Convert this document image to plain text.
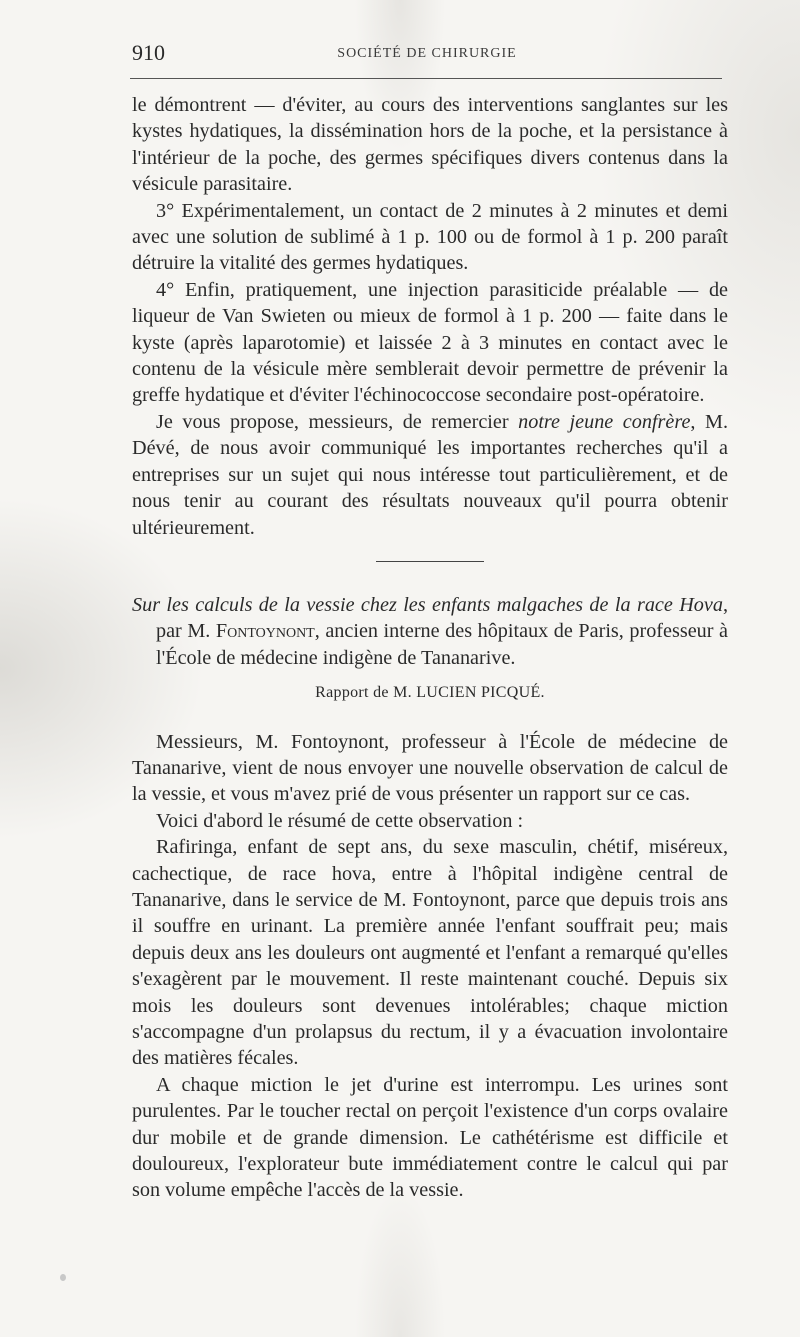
910	SOCIÉTÉ DE CHIRURGIE

le démontrent — d'éviter, au cours des interventions sanglantes sur les kystes hydatiques, la dissémination hors de la poche, et la persistance à l'intérieur de la poche, des germes spécifiques divers contenus dans la vésicule parasitaire.

3° Expérimentalement, un contact de 2 minutes à 2 minutes et demi avec une solution de sublimé à 1 p. 100 ou de formol à 1 p. 200 paraît détruire la vitalité des germes hydatiques.

4° Enfin, pratiquement, une injection parasiticide préalable — de liqueur de Van Swieten ou mieux de formol à 1 p. 200 — faite dans le kyste (après laparotomie) et laissée 2 à 3 minutes en contact avec le contenu de la vésicule mère semblerait devoir permettre de prévenir la greffe hydatique et d'éviter l'échinococcose secondaire post-opératoire.

Je vous propose, messieurs, de remercier notre jeune confrère, M. Dévé, de nous avoir communiqué les importantes recherches qu'il a entreprises sur un sujet qui nous intéresse tout particulièrement, et de nous tenir au courant des résultats nouveaux qu'il pourra obtenir ultérieurement.

Sur les calculs de la vessie chez les enfants malgaches de la race Hova, par M. Fontoynont, ancien interne des hôpitaux de Paris, professeur à l'École de médecine indigène de Tananarive.

Rapport de M. LUCIEN PICQUÉ.

Messieurs, M. Fontoynont, professeur à l'École de médecine de Tananarive, vient de nous envoyer une nouvelle observation de calcul de la vessie, et vous m'avez prié de vous présenter un rapport sur ce cas.

Voici d'abord le résumé de cette observation :

Rafiringa, enfant de sept ans, du sexe masculin, chétif, miséreux, cachectique, de race hova, entre à l'hôpital indigène central de Tananarive, dans le service de M. Fontoynont, parce que depuis trois ans il souffre en urinant. La première année l'enfant souffrait peu; mais depuis deux ans les douleurs ont augmenté et l'enfant a remarqué qu'elles s'exagèrent par le mouvement. Il reste maintenant couché. Depuis six mois les douleurs sont devenues intolérables; chaque miction s'accompagne d'un prolapsus du rectum, il y a évacuation involontaire des matières fécales.

A chaque miction le jet d'urine est interrompu. Les urines sont purulentes. Par le toucher rectal on perçoit l'existence d'un corps ovalaire dur mobile et de grande dimension. Le cathétérisme est difficile et douloureux, l'explorateur bute immédiatement contre le calcul qui par son volume empêche l'accès de la vessie.
